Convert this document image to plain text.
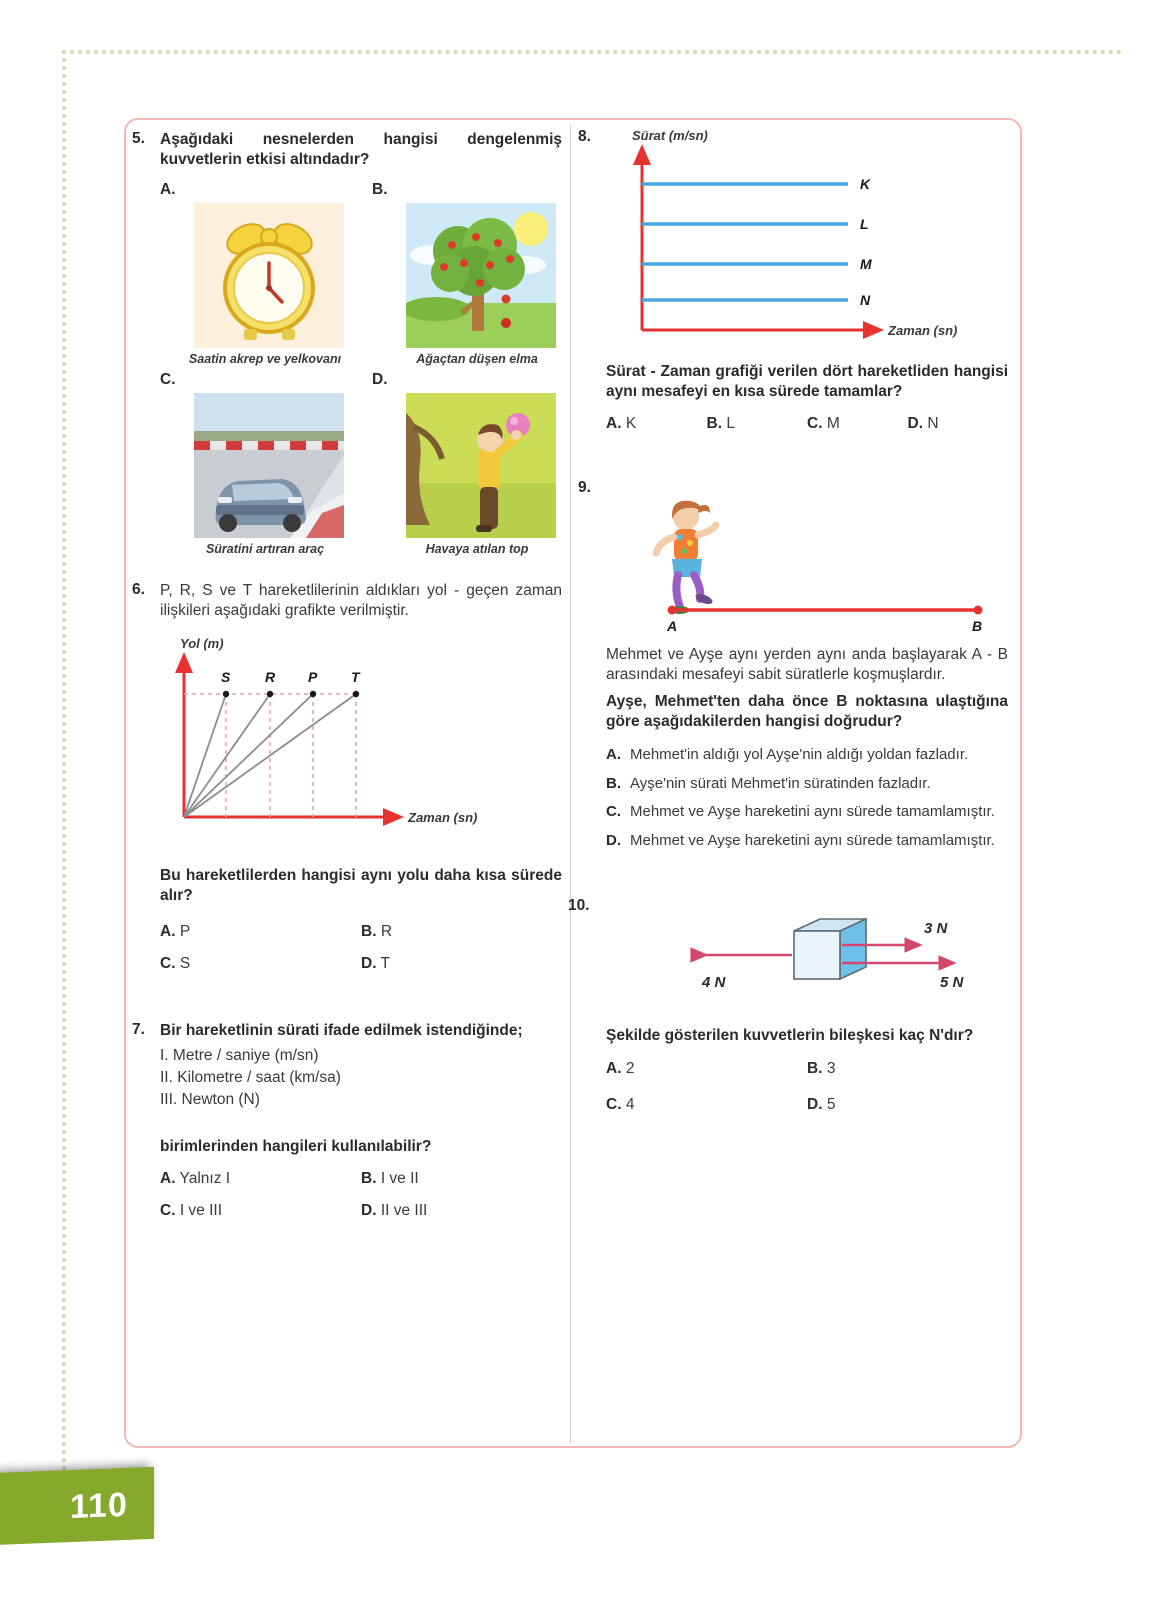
5. Aşağıdaki nesnelerden hangisi dengelenmiş kuvvetlerin etkisi altındadır?
A.
Saatin akrep ve yelkovanı
B.
Ağaçtan düşen elma
C.
Süratini artıran araç
D.
Havaya atılan top
6. P, R, S ve T hareketlilerinin aldıkları yol - geçen zaman ilişkileri aşağıdaki grafikte verilmiştir.
Yol (m)
S R P T
Zaman (sn)
Bu hareketlilerden hangisi aynı yolu daha kısa sürede alır?
A. P	B. R
C. S	D. T
7. Bir hareketlinin sürati ifade edilmek istendiğinde;
I. Metre / saniye (m/sn)
II. Kilometre / saat (km/sa)
III. Newton (N)
birimlerinden hangileri kullanılabilir?
A. Yalnız I	B. I ve II
C. I ve III	D. II ve III
8.	Sürat (m/sn)
K
L
M
N
Zaman (sn)
Sürat - Zaman grafiği verilen dört hareketliden hangisi aynı mesafeyi en kısa sürede tamamlar?
A. K	B. L	C. M	D. N
9.
A	B
Mehmet ve Ayşe aynı yerden aynı anda başlayarak A - B arasındaki mesafeyi sabit süratlerle koşmuşlardır.
Ayşe, Mehmet'ten daha önce B noktasına ulaştığına göre aşağıdakilerden hangisi doğrudur?
A. Mehmet'in aldığı yol Ayşe'nin aldığı yoldan fazladır.
B. Ayşe'nin sürati Mehmet'in süratinden fazladır.
C. Mehmet ve Ayşe hareketini aynı sürede tamamlamıştır.
D. Mehmet ve Ayşe hareketini aynı sürede tamamlamıştır.
10.
3 N
5 N
4 N
Şekilde gösterilen kuvvetlerin bileşkesi kaç N'dır?
A. 2	B. 3
C. 4	D. 5
110
